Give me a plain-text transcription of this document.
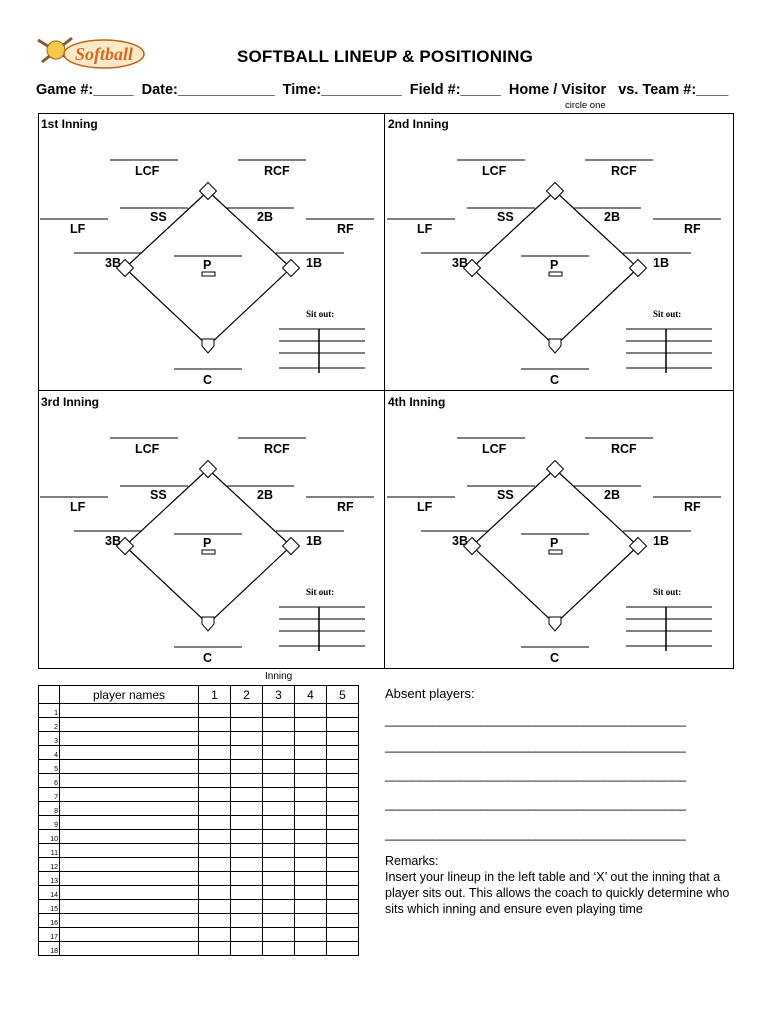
Softball	SOFTBALL LINEUP & POSITIONING
Game #:_____  Date:____________  Time:__________  Field #:_____  Home / Visitor   vs. Team #:____
circle one
1st Inning
LCF	RCF
SS	2B
LF	RF
3B	P	1B
C
Sit out:
2nd Inning
LCF	RCF
SS	2B
LF	RF
3B	P	1B
C
Sit out:
3rd Inning
LCF	RCF
SS	2B
LF	RF
3B	P	1B
C
Sit out:
4th Inning
LCF	RCF
SS	2B
LF	RF
3B	P	1B
C
Sit out:
Inning
	player names	1	2	3	4	5
1						
2						
3						
4						
5						
6						
7						
8						
9						
10						
11						
12						
13						
14						
15						
16						
17						
18						
Absent players:
____________________________________________
____________________________________________
____________________________________________
____________________________________________
____________________________________________
Remarks:
Insert your lineup in the left table and ‘X’ out the inning that a player sits out. This allows the coach to quickly determine who sits which inning and ensure even playing time
